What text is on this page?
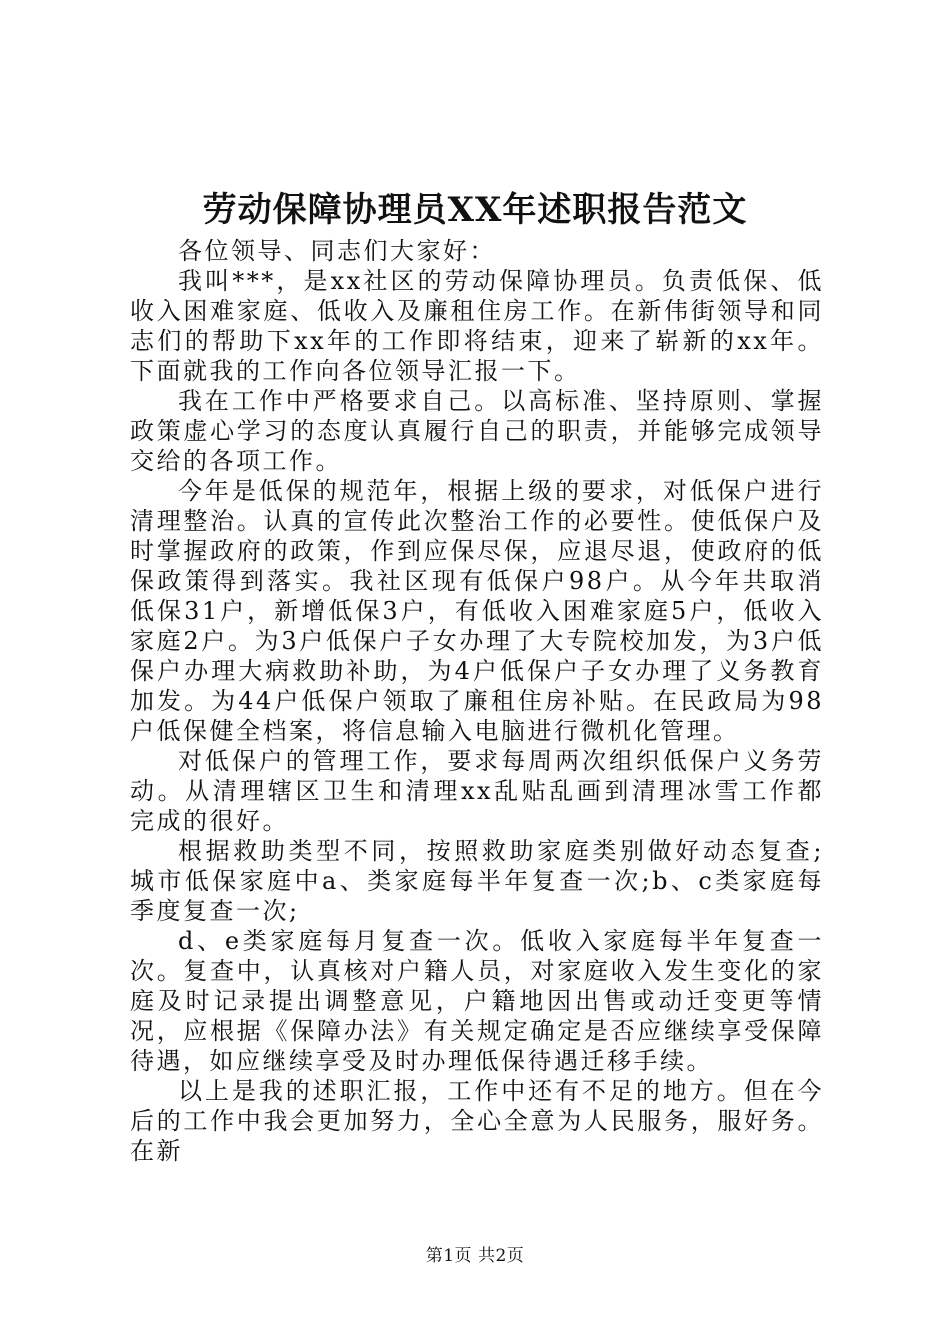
劳动保障协理员XX年述职报告范文

各位领导、同志们大家好：

我叫***，是xx社区的劳动保障协理员。负责低保、低收入困难家庭、低收入及廉租住房工作。在新伟街领导和同志们的帮助下xx年的工作即将结束，迎来了崭新的xx年。下面就我的工作向各位领导汇报一下。

我在工作中严格要求自己。以高标准、坚持原则、掌握政策虚心学习的态度认真履行自己的职责，并能够完成领导交给的各项工作。

今年是低保的规范年，根据上级的要求，对低保户进行清理整治。认真的宣传此次整治工作的必要性。使低保户及时掌握政府的政策，作到应保尽保，应退尽退，使政府的低保政策得到落实。我社区现有低保户98户。从今年共取消低保31户，新增低保3户，有低收入困难家庭5户，低收入家庭2户。为3户低保户子女办理了大专院校加发，为3户低保户办理大病救助补助，为4户低保户子女办理了义务教育加发。为44户低保户领取了廉租住房补贴。在民政局为98户低保健全档案，将信息输入电脑进行微机化管理。

对低保户的管理工作，要求每周两次组织低保户义务劳动。从清理辖区卫生和清理xx乱贴乱画到清理冰雪工作都完成的很好。

根据救助类型不同，按照救助家庭类别做好动态复查;城市低保家庭中a、类家庭每半年复查一次;b、c类家庭每季度复查一次;

d、e类家庭每月复查一次。低收入家庭每半年复查一次。复查中，认真核对户籍人员，对家庭收入发生变化的家庭及时记录提出调整意见，户籍地因出售或动迁变更等情况，应根据《保障办法》有关规定确定是否应继续享受保障待遇，如应继续享受及时办理低保待遇迁移手续。

以上是我的述职汇报，工作中还有不足的地方。但在今后的工作中我会更加努力，全心全意为人民服务，服好务。在新

第1页 共2页
